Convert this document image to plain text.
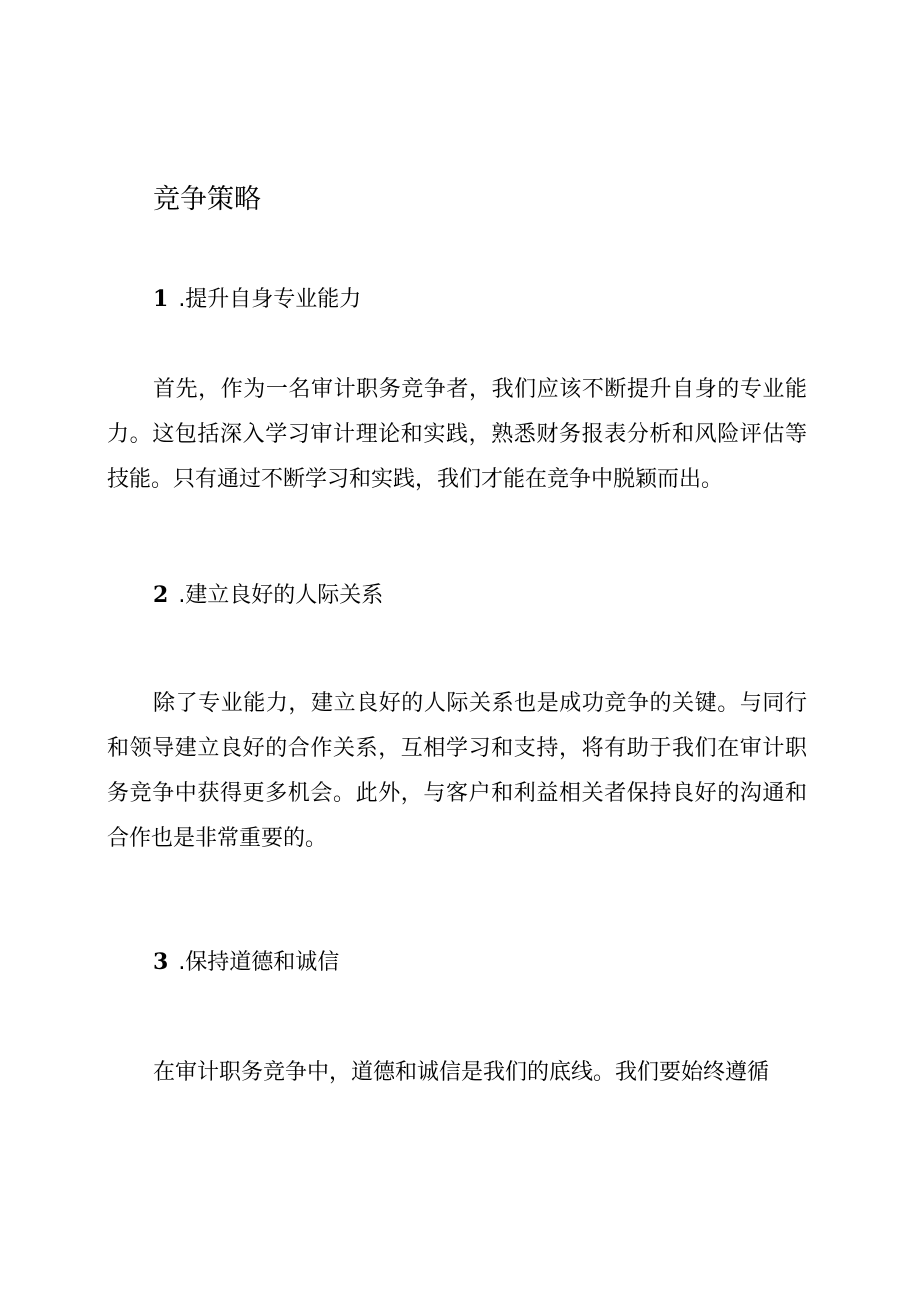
竞争策略
1 .提升自身专业能力

首先，作为一名审计职务竞争者，我们应该不断提升自身的专业能力。这包括深入学习审计理论和实践，熟悉财务报表分析和风险评估等技能。只有通过不断学习和实践，我们才能在竞争中脱颖而出。

2 .建立良好的人际关系

除了专业能力，建立良好的人际关系也是成功竞争的关键。与同行和领导建立良好的合作关系，互相学习和支持，将有助于我们在审计职务竞争中获得更多机会。此外，与客户和利益相关者保持良好的沟通和合作也是非常重要的。

3 .保持道德和诚信

在审计职务竞争中，道德和诚信是我们的底线。我们要始终遵循
